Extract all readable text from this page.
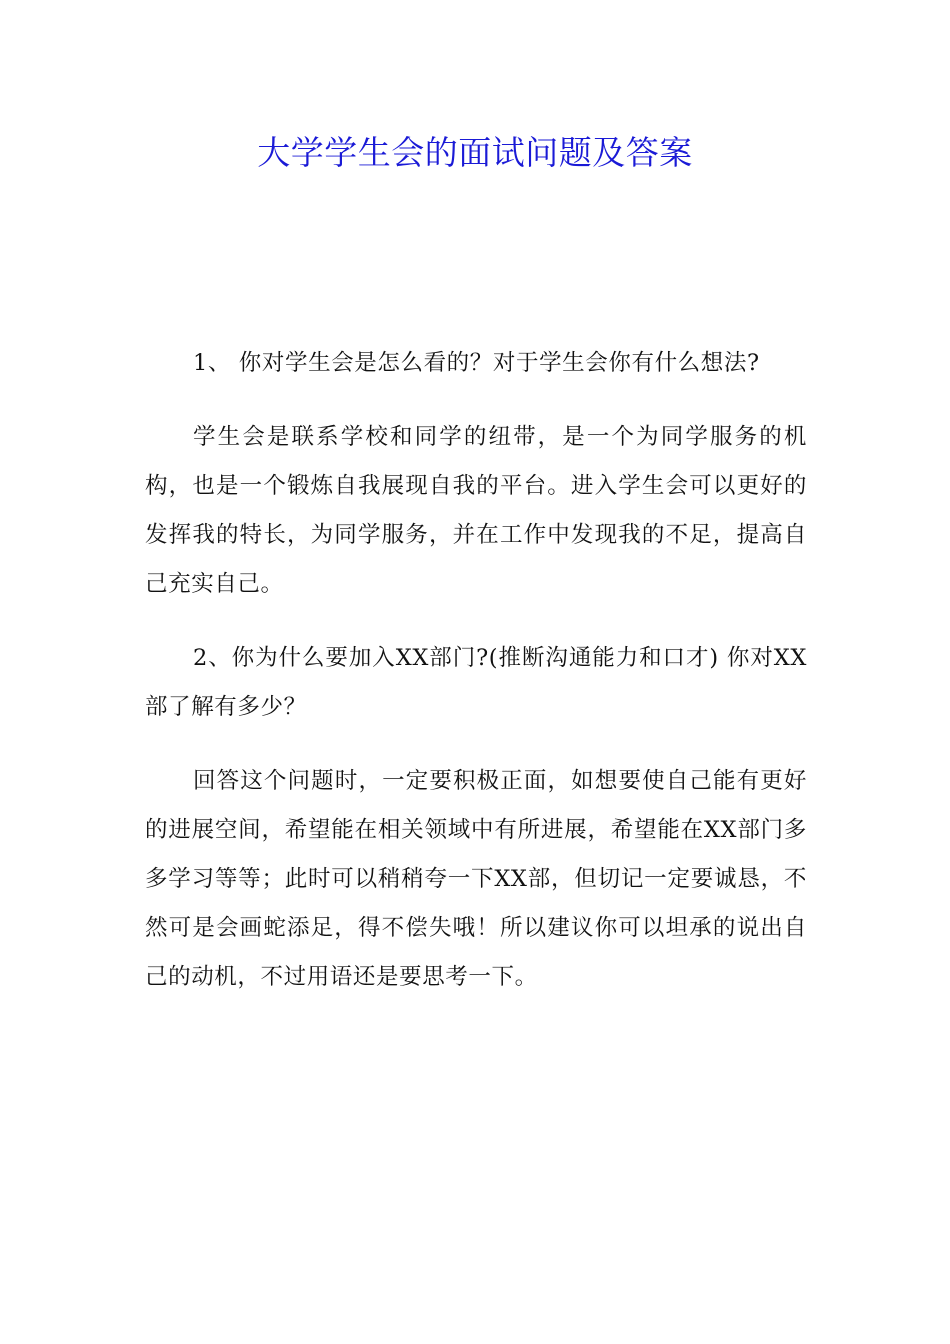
大学学生会的面试问题及答案

1、 你对学生会是怎么看的？对于学生会你有什么想法?

学生会是联系学校和同学的纽带，是一个为同学服务的机构，也是一个锻炼自我展现自我的平台。进入学生会可以更好的发挥我的特长，为同学服务，并在工作中发现我的不足，提高自己充实自己。

2、你为什么要加入XX部门?(推断沟通能力和口才) 你对XX部了解有多少？

回答这个问题时，一定要积极正面，如想要使自己能有更好的进展空间，希望能在相关领域中有所进展，希望能在XX部门多多学习等等；此时可以稍稍夸一下XX部，但切记一定要诚恳，不然可是会画蛇添足，得不偿失哦！所以建议你可以坦承的说出自己的动机，不过用语还是要思考一下。
